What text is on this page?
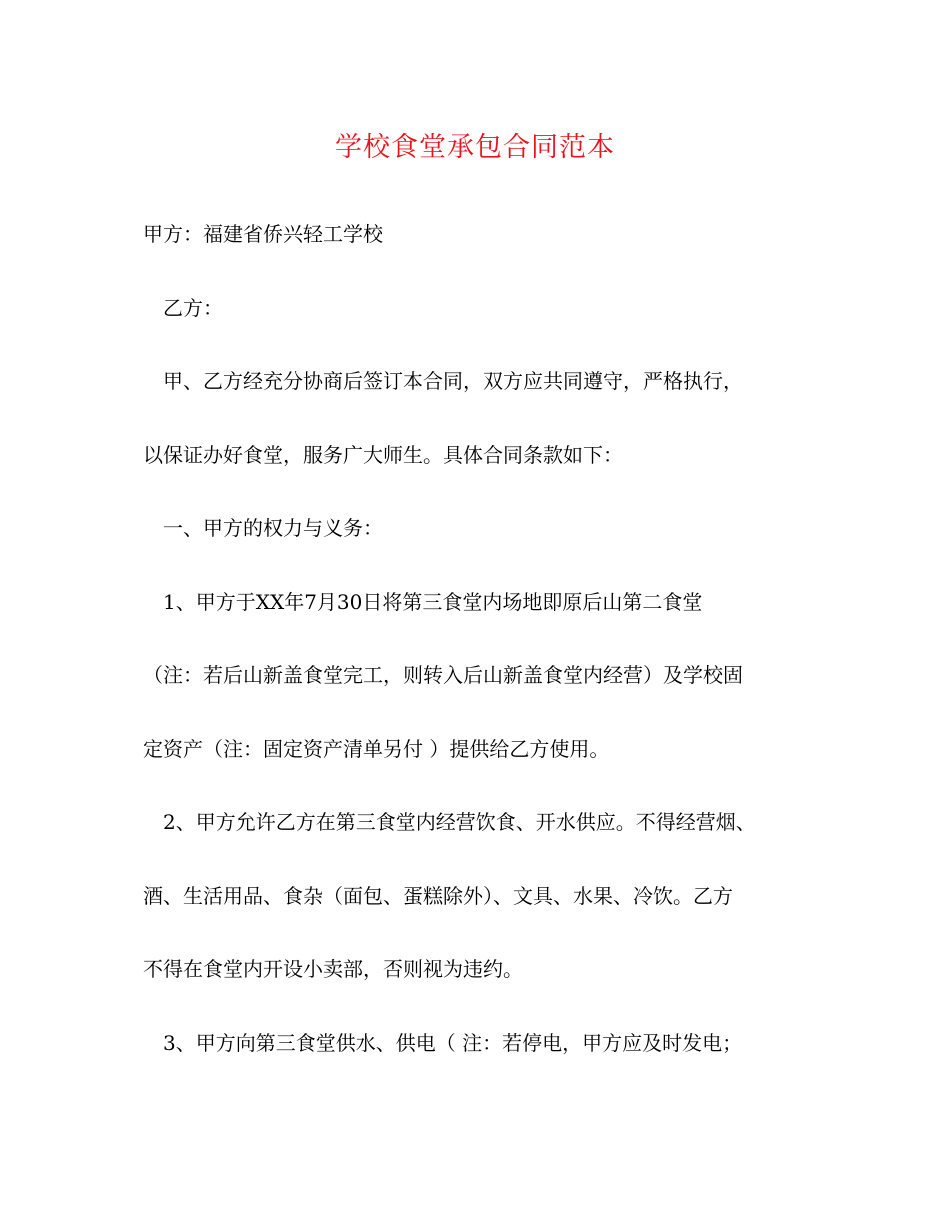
学校食堂承包合同范本
甲方：福建省侨兴轻工学校
乙方：
甲、乙方经充分协商后签订本合同，双方应共同遵守，严格执行，
以保证办好食堂，服务广大师生。具体合同条款如下：
一、甲方的权力与义务：
1、甲方于XX年7月30日将第三食堂内场地即原后山第二食堂
（注：若后山新盖食堂完工，则转入后山新盖食堂内经营）及学校固
定资产（注：固定资产清单另付 ）提供给乙方使用。
2、甲方允许乙方在第三食堂内经营饮食、开水供应。不得经营烟、
酒、生活用品、食杂（面包、蛋糕除外）、文具、水果、冷饮。乙方
不得在食堂内开设小卖部，否则视为违约。
3、甲方向第三食堂供水、供电（ 注：若停电，甲方应及时发电；
